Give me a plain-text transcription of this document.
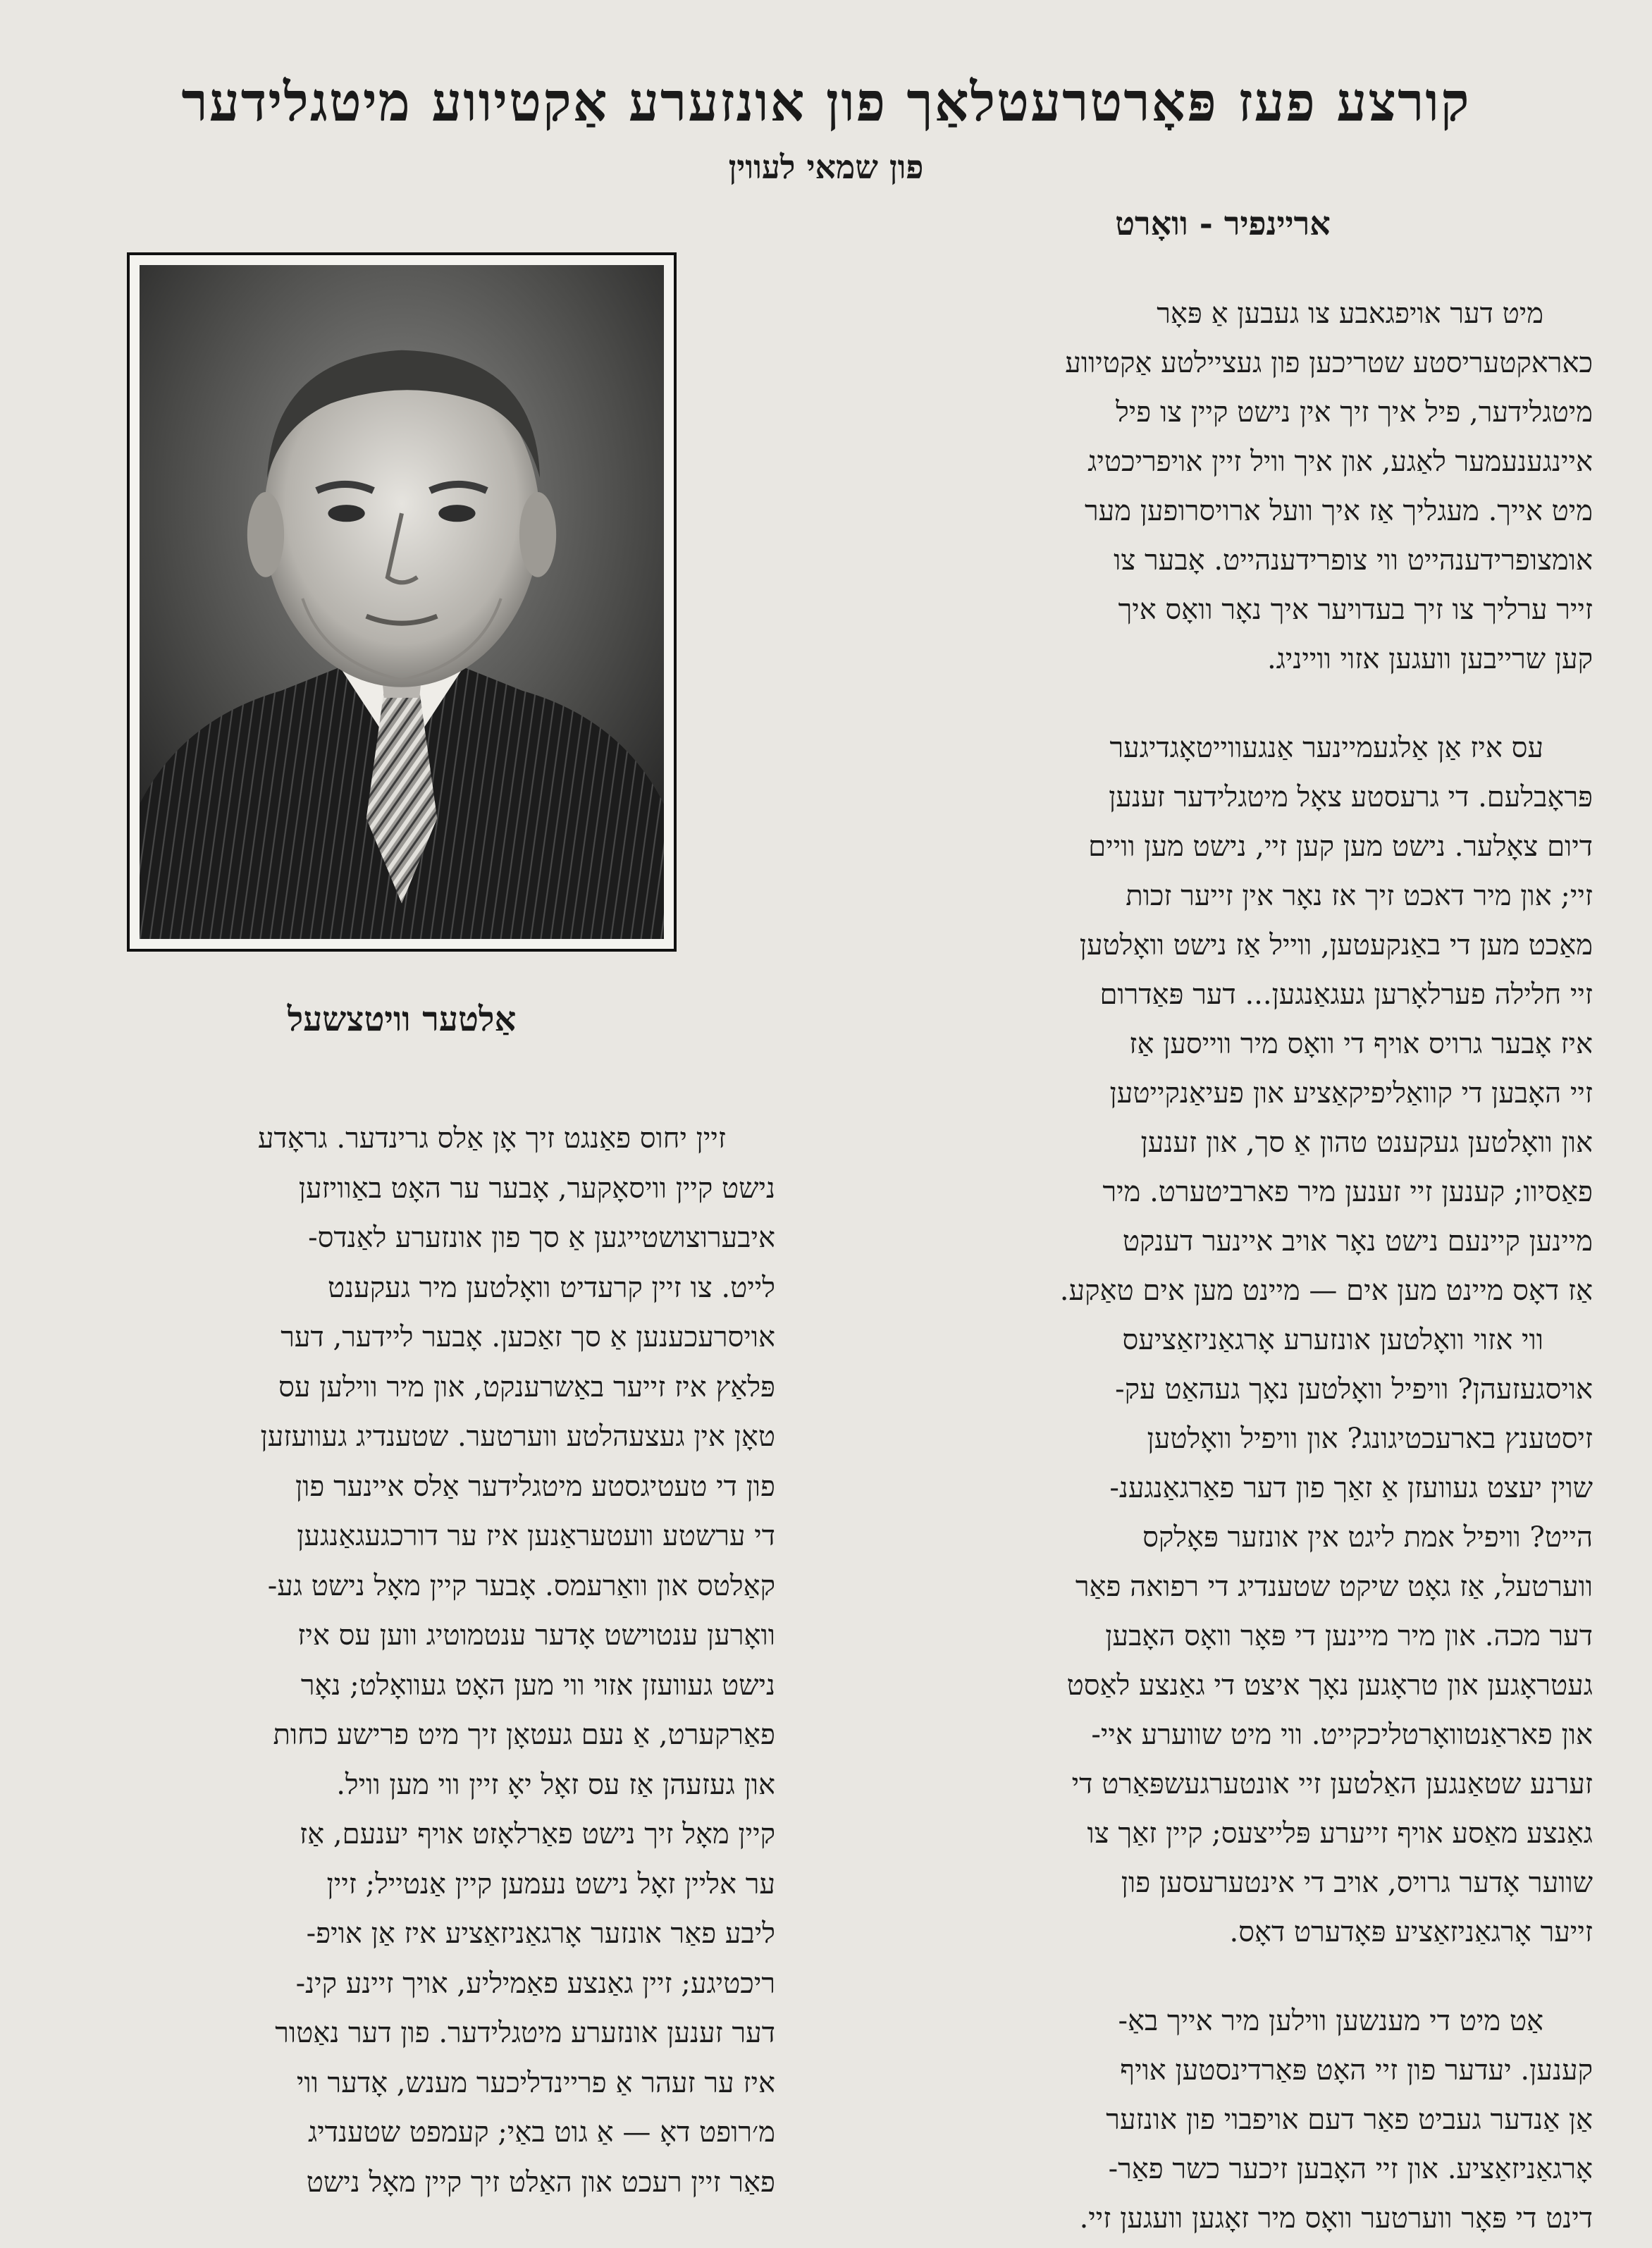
קורצע פעז פּאָרטרעטלאַך פון אונזערע אַקטיווע מיטגלידער
פון שמאי לעווין
אַלטער וויטצשעל
אריינפיר - וואָרט
מיט דער אויפגאבע צו געבען אַ פּאָר
כאראקטעריסטע שטריכען פון געציילטע אַקטיווע
מיטגלידער, פיל איך זיך אין נישט קיין צו פיל
איינגענעמער לאַגע, און איך וויל זיין אויפריכטיג
מיט אייך. מעגליך אַז איך וועל ארויסרופען מער
אומצופרידענהייט ווי צופרידענהייט. אָבער צו
זייר ערליך צו זיך בעדויער איך נאָר וואָס איך
קען שרייבען וועגען אזוי ווייניג.
עס איז אַן אַלגעמיינער אַנגעווייטאָגדיגער
פּראָבלעם. די גרעסטע צאָל מיטגלידער זענען
דיום צאָלער. נישט מען קען זיי, נישט מען וויים
זיי; און מיר דאכט זיך אז נאָר אין זייער זכות
מאַכט מען די באַנקעטען, ווייל אַז נישט וואָלטען
זיי חלילה פערלאָרען געגאַנגען... דער פּאַדרום
איז אָבער גרויס אויף די וואָס מיר ווייסען אַז
זיי האָבען די קוואַליפיקאַציע און פעיאַנקייטען
און וואָלטען געקענט טהון אַ סך, און זענען
פאַסיוו; קענען זיי זענען מיר פארביטערט. מיר
מיינען קיינעם נישט נאָר אויב איינער דענקט
אַז דאָס מיינט מען אים — מיינט מען אים טאַקע.
ווי אזוי וואָלטען אונזערע אָרגאַניזאַציעס
אויסגעזעהן? וויפיל וואָלטען נאָך געהאַט עק-
זיסטענץ בארעכטיגונג? און וויפיל וואָלטען
שוין יעצט געוועזן אַ זאַך פון דער פאַרגאַנגענ-
הייט? וויפיל אמת ליגט אין אונזער פּאָלקס
ווערטעל, אַז גאָט שיקט שטענדיג די רפואה פאַר
דער מכה. און מיר מיינען די פּאָר וואָס האָבען
געטראָגען און טראָגען נאָך איצט די גאַנצע לאַסט
און פאראַנטוואָרטליכקייט. ווי מיט שווערע איי-
זערנע שטאַנגען האַלטען זיי אונטערגעשפּאַרט די
גאַנצע מאַסע אויף זייערע פּלייצעס; קיין זאַך צו
שווער אָדער גרויס, אויב די אינטערעסען פון
זייער אָרגאַניזאַציע פּאָדערט דאָס.
אַט מיט די מענשען ווילען מיר אייך באַ-
קענען. יעדער פון זיי האָט פּאַרדינסטען אויף
אַן אַנדער געביט פאַר דעם אויפבוי פון אונזער
אָרגאַניזאַציע. און זיי האָבען זיכער כשר פאַר-
דינט די פּאָר ווערטער וואָס מיר זאָגען וועגען זיי.
זיין יחוס פאַנגט זיך אָן אַלס גרינדער. גראָדע
נישט קיין וויסאָקער, אָבער ער האָט באַוויזען
איבערוצושטייגען אַ סך פון אונזערע לאַנדס-
לייט. צו זיין קרעדיט וואָלטען מיר געקענט
אויסרעכענען אַ סך זאַכען. אָבער ליידער, דער
פּלאַץ איז זייער באַשרענקט, און מיר ווילען עס
טאָן אין געצעהלטע ווערטער. שטענדיג געוועזען
פון די טעטיגסטע מיטגלידער אַלס איינער פון
די ערשטע וועטעראַנען איז ער דורכגעגאַנגען
קאַלטס און וואַרעמס. אָבער קיין מאָל נישט גע-
וואָרען ענטוישט אָדער ענטמוטיג ווען עס איז
נישט געוועזן אזוי ווי מען האָט געוואָלט; נאָר
פאַרקערט, אַ נעם געטאָן זיך מיט פרישע כחות
און געזעהן אַז עס זאָל יאָ זיין ווי מען וויל.
קיין מאָל זיך נישט פאַרלאָזט אויף יענעם, אַז
ער אליין זאָל נישט נעמען קיין אַנטייל; זיין
ליבע פאַר אונזער אָרגאַניזאַציע איז אַן אויפ-
ריכטיגע; זיין גאַנצע פאַמיליע, אויך זיינע קינ-
דער זענען אונזערע מיטגלידער. פון דער נאַטור
איז ער זעהר אַ פריינדליכער מענש, אָדער ווי
מ׳רופט דאָ — אַ גוט באַי; קעמפט שטענדיג
פאַר זיין רעכט און האַלט זיך קיין מאָל נישט
